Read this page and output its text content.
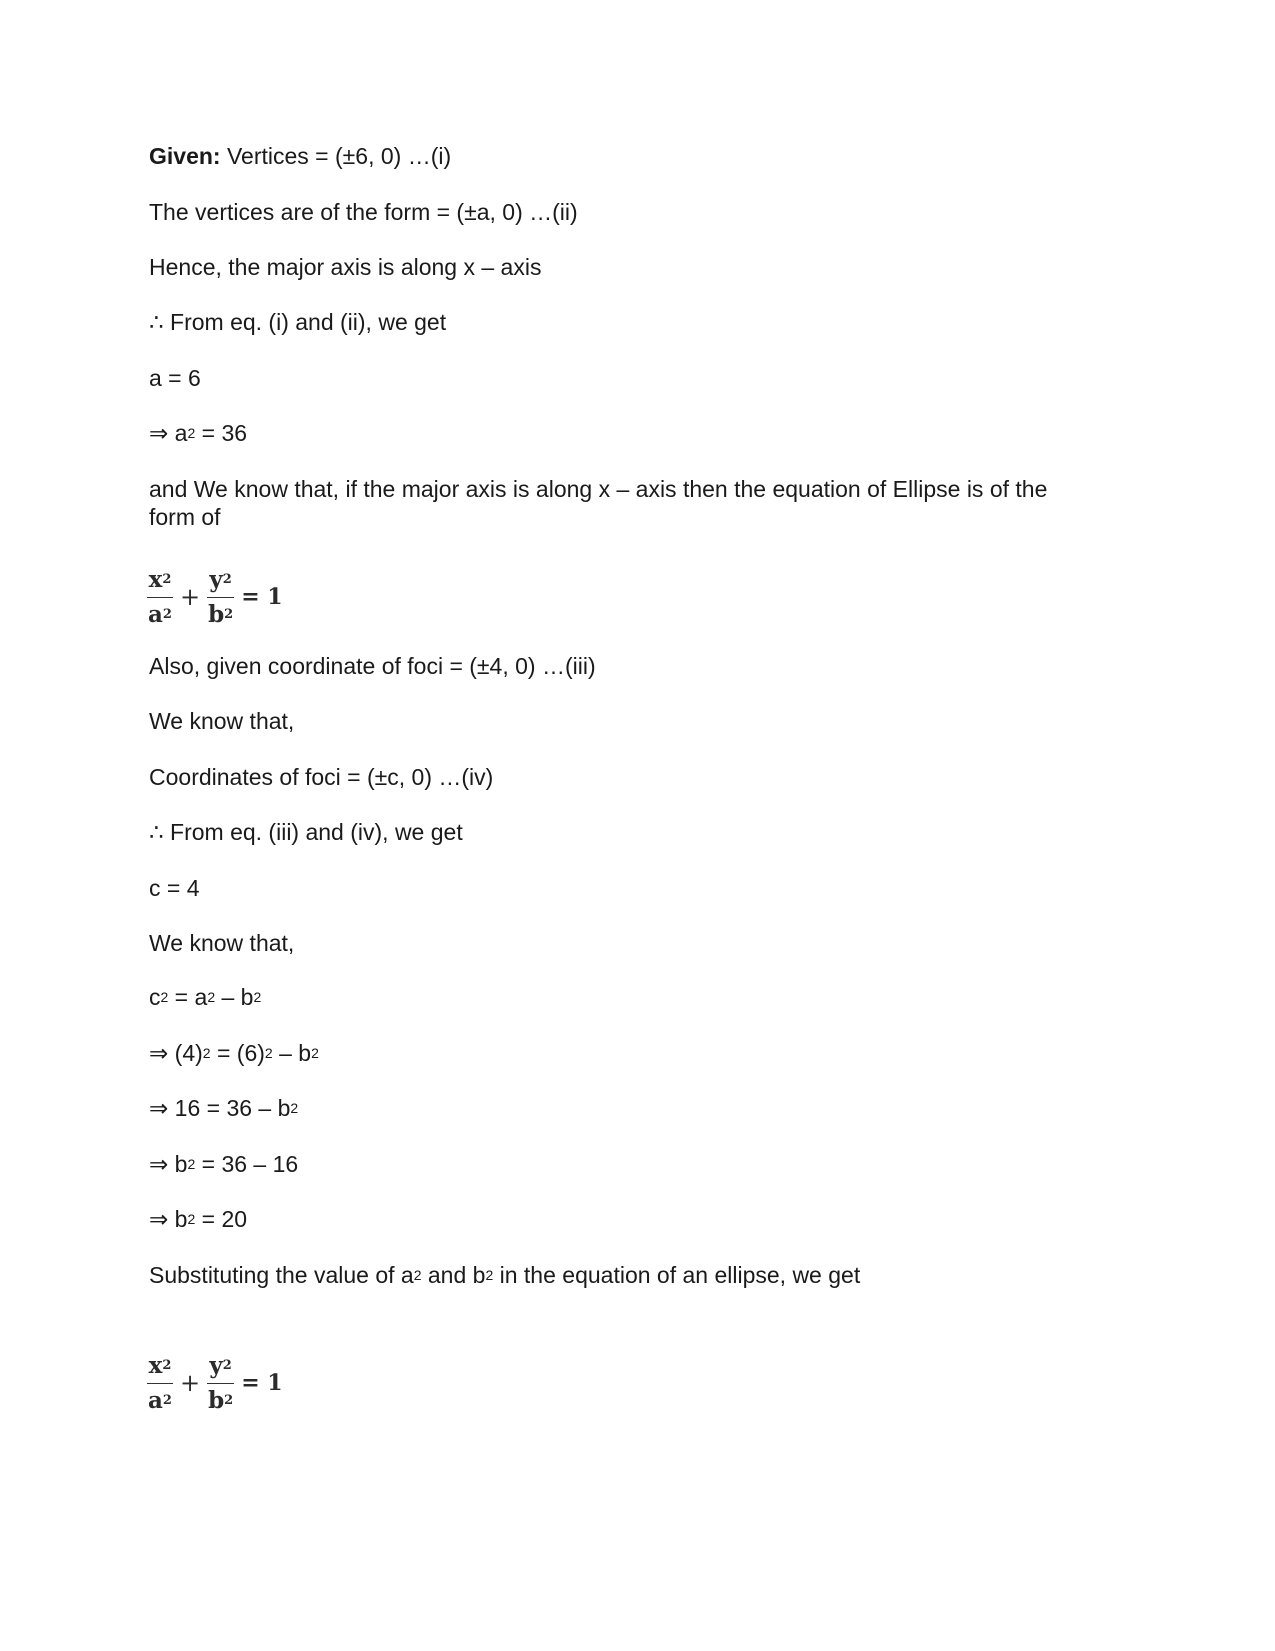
Given: Vertices = (±6, 0) …(i)
The vertices are of the form = (±a, 0) …(ii)
Hence, the major axis is along x – axis
∴ From eq. (i) and (ii), we get
a = 6
⇒ $a^2 = 36$
and We know that, if the major axis is along x – axis then the equation of Ellipse is of the form of
$\frac{x^2}{a^2} + \frac{y^2}{b^2} = 1$
Also, given coordinate of foci = (±4, 0) …(iii)
We know that,
Coordinates of foci = (±c, 0) …(iv)
∴ From eq. (iii) and (iv), we get
c = 4
We know that,
$c^2 = a^2 - b^2$
⇒ $(4)^2 = (6)^2 - b^2$
⇒ $16 = 36 - b^2$
⇒ $b^2 = 36 - 16$
⇒ $b^2 = 20$
Substituting the value of $a^2$ and $b^2$ in the equation of an ellipse, we get
$\frac{x^2}{a^2} + \frac{y^2}{b^2} = 1$
